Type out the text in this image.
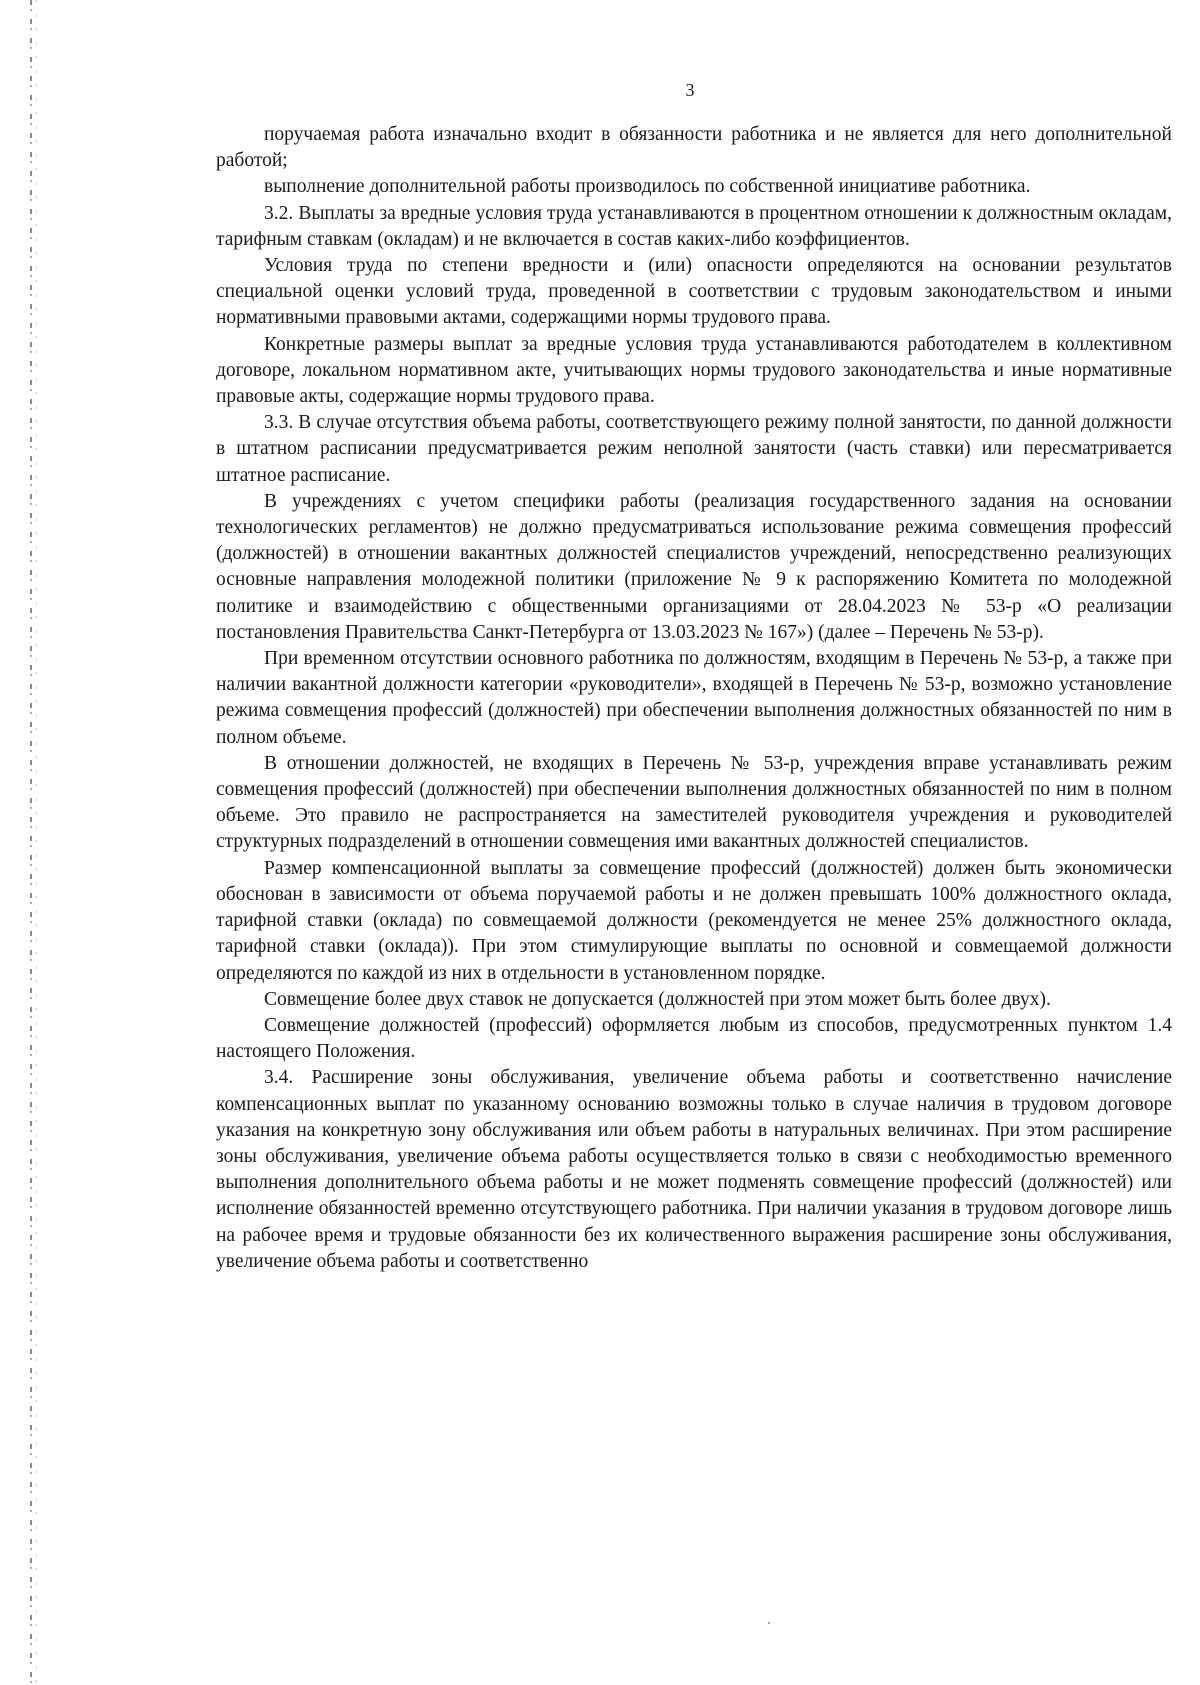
3

поручаемая работа изначально входит в обязанности работника и не является для него дополнительной работой;

выполнение дополнительной работы производилось по собственной инициативе работника.

3.2. Выплаты за вредные условия труда устанавливаются в процентном отношении к должностным окладам, тарифным ставкам (окладам) и не включается в состав каких-либо коэффициентов.

Условия труда по степени вредности и (или) опасности определяются на основании результатов специальной оценки условий труда, проведенной в соответствии с трудовым законодательством и иными нормативными правовыми актами, содержащими нормы трудового права.

Конкретные размеры выплат за вредные условия труда устанавливаются работодателем в коллективном договоре, локальном нормативном акте, учитывающих нормы трудового законодательства и иные нормативные правовые акты, содержащие нормы трудового права.

3.3. В случае отсутствия объема работы, соответствующего режиму полной занятости, по данной должности в штатном расписании предусматривается режим неполной занятости (часть ставки) или пересматривается штатное расписание.

В учреждениях с учетом специфики работы (реализация государственного задания на основании технологических регламентов) не должно предусматриваться использование режима совмещения профессий (должностей) в отношении вакантных должностей специалистов учреждений, непосредственно реализующих основные направления молодежной политики (приложение № 9 к распоряжению Комитета по молодежной политике и взаимодействию с общественными организациями от 28.04.2023 № 53-р «О реализации постановления Правительства Санкт-Петербурга от 13.03.2023 № 167») (далее – Перечень № 53-р).

При временном отсутствии основного работника по должностям, входящим в Перечень № 53-р, а также при наличии вакантной должности категории «руководители», входящей в Перечень № 53-р, возможно установление режима совмещения профессий (должностей) при обеспечении выполнения должностных обязанностей по ним в полном объеме.

В отношении должностей, не входящих в Перечень № 53-р, учреждения вправе устанавливать режим совмещения профессий (должностей) при обеспечении выполнения должностных обязанностей по ним в полном объеме. Это правило не распространяется на заместителей руководителя учреждения и руководителей структурных подразделений в отношении совмещения ими вакантных должностей специалистов.

Размер компенсационной выплаты за совмещение профессий (должностей) должен быть экономически обоснован в зависимости от объема поручаемой работы и не должен превышать 100% должностного оклада, тарифной ставки (оклада) по совмещаемой должности (рекомендуется не менее 25% должностного оклада, тарифной ставки (оклада)). При этом стимулирующие выплаты по основной и совмещаемой должности определяются по каждой из них в отдельности в установленном порядке.

Совмещение более двух ставок не допускается (должностей при этом может быть более двух).

Совмещение должностей (профессий) оформляется любым из способов, предусмотренных пунктом 1.4 настоящего Положения.

3.4. Расширение зоны обслуживания, увеличение объема работы и соответственно начисление компенсационных выплат по указанному основанию возможны только в случае наличия в трудовом договоре указания на конкретную зону обслуживания или объем работы в натуральных величинах. При этом расширение зоны обслуживания, увеличение объема работы осуществляется только в связи с необходимостью временного выполнения дополнительного объема работы и не может подменять совмещение профессий (должностей) или исполнение обязанностей временно отсутствующего работника. При наличии указания в трудовом договоре лишь на рабочее время и трудовые обязанности без их количественного выражения расширение зоны обслуживания, увеличение объема работы и соответственно
